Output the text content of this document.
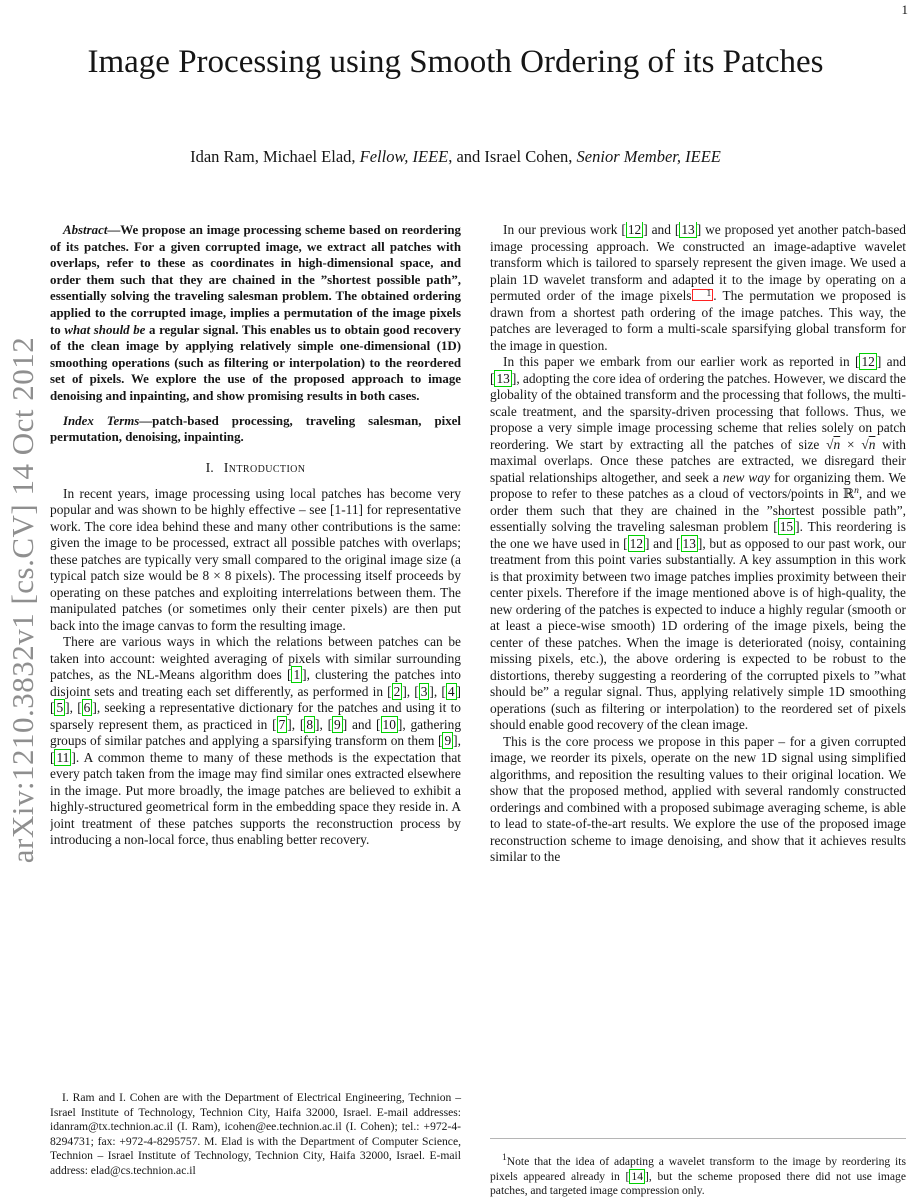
1
arXiv:1210.3832v1 [cs.CV] 14 Oct 2012
Image Processing using Smooth Ordering of its Patches
Idan Ram, Michael Elad, Fellow, IEEE, and Israel Cohen, Senior Member, IEEE

Abstract—We propose an image processing scheme based on reordering of its patches. For a given corrupted image, we extract all patches with overlaps, refer to these as coordinates in high-dimensional space, and order them such that they are chained in the ”shortest possible path”, essentially solving the traveling salesman problem. The obtained ordering applied to the corrupted image, implies a permutation of the image pixels to what should be a regular signal. This enables us to obtain good recovery of the clean image by applying relatively simple one-dimensional (1D) smoothing operations (such as filtering or interpolation) to the reordered set of pixels. We explore the use of the proposed approach to image denoising and inpainting, and show promising results in both cases.

Index Terms—patch-based processing, traveling salesman, pixel permutation, denoising, inpainting.

I. Introduction

In recent years, image processing using local patches has become very popular and was shown to be highly effective – see [1-11] for representative work. The core idea behind these and many other contributions is the same: given the image to be processed, extract all possible patches with overlaps; these patches are typically very small compared to the original image size (a typical patch size would be 8 × 8 pixels). The processing itself proceeds by operating on these patches and exploiting interrelations between them. The manipulated patches (or sometimes only their center pixels) are then put back into the image canvas to form the resulting image.

There are various ways in which the relations between patches can be taken into account: weighted averaging of pixels with similar surrounding patches, as the NL-Means algorithm does [ 1 ], clustering the patches into disjoint sets and treating each set differently, as performed in [ 2 ], [ 3 ], [ 4 ] [ 5 ], [ 6 ], seeking a representative dictionary for the patches and using it to sparsely represent them, as practiced in [ 7 ], [ 8 ], [ 9 ] and [ 10 ], gathering groups of similar patches and applying a sparsifying transform on them [ 9 ], [ 11 ]. A common theme to many of these methods is the expectation that every patch taken from the image may find similar ones extracted elsewhere in the image. Put more broadly, the image patches are believed to exhibit a highly-structured geometrical form in the embedding space they reside in. A joint treatment of these patches supports the reconstruction process by introducing a non-local force, thus enabling better recovery.

In our previous work [ 12 ] and [ 13 ] we proposed yet another patch-based image processing approach. We constructed an image-adaptive wavelet transform which is tailored to sparsely represent the given image. We used a plain 1D wavelet transform and adapted it to the image by operating on a permuted order of the image pixels 1 . The permutation we proposed is drawn from a shortest path ordering of the image patches. This way, the patches are leveraged to form a multi-scale sparsifying global transform for the image in question.

In this paper we embark from our earlier work as reported in [ 12 ] and [ 13 ], adopting the core idea of ordering the patches. However, we discard the globality of the obtained transform and the processing that follows, the multi-scale treatment, and the sparsity-driven processing that follows. Thus, we propose a very simple image processing scheme that relies solely on patch reordering. We start by extracting all the patches of size √n × √n with maximal overlaps. Once these patches are extracted, we disregard their spatial relationships altogether, and seek a new way for organizing them. We propose to refer to these patches as a cloud of vectors/points in ℝ$^n$, and we order them such that they are chained in the ”shortest possible path”, essentially solving the traveling salesman problem [ 15 ]. This reordering is the one we have used in [ 12 ] and [ 13 ], but as opposed to our past work, our treatment from this point varies substantially. A key assumption in this work is that proximity between two image patches implies proximity between their center pixels. Therefore if the image mentioned above is of high-quality, the new ordering of the patches is expected to induce a highly regular (smooth or at least a piece-wise smooth) 1D ordering of the image pixels, being the center of these patches. When the image is deteriorated (noisy, containing missing pixels, etc.), the above ordering is expected to be robust to the distortions, thereby suggesting a reordering of the corrupted pixels to ”what should be” a regular signal. Thus, applying relatively simple 1D smoothing operations (such as filtering or interpolation) to the reordered set of pixels should enable good recovery of the clean image.

This is the core process we propose in this paper – for a given corrupted image, we reorder its pixels, operate on the new 1D signal using simplified algorithms, and reposition the resulting values to their original location. We show that the proposed method, applied with several randomly constructed orderings and combined with a proposed subimage averaging scheme, is able to lead to state-of-the-art results. We explore the use of the proposed image reconstruction scheme to image denoising, and show that it achieves results similar to the

I. Ram and I. Cohen are with the Department of Electrical Engineering, Technion – Israel Institute of Technology, Technion City, Haifa 32000, Israel. E-mail addresses: idanram@tx.technion.ac.il (I. Ram), icohen@ee.technion.ac.il (I. Cohen); tel.: +972-4-8294731; fax: +972-4-8295757. M. Elad is with the Department of Computer Science, Technion – Israel Institute of Technology, Technion City, Haifa 32000, Israel. E-mail address: elad@cs.technion.ac.il
$^1$Note that the idea of adapting a wavelet transform to the image by reordering its pixels appeared already in [ 14 ], but the scheme proposed there did not use image patches, and targeted image compression only.
